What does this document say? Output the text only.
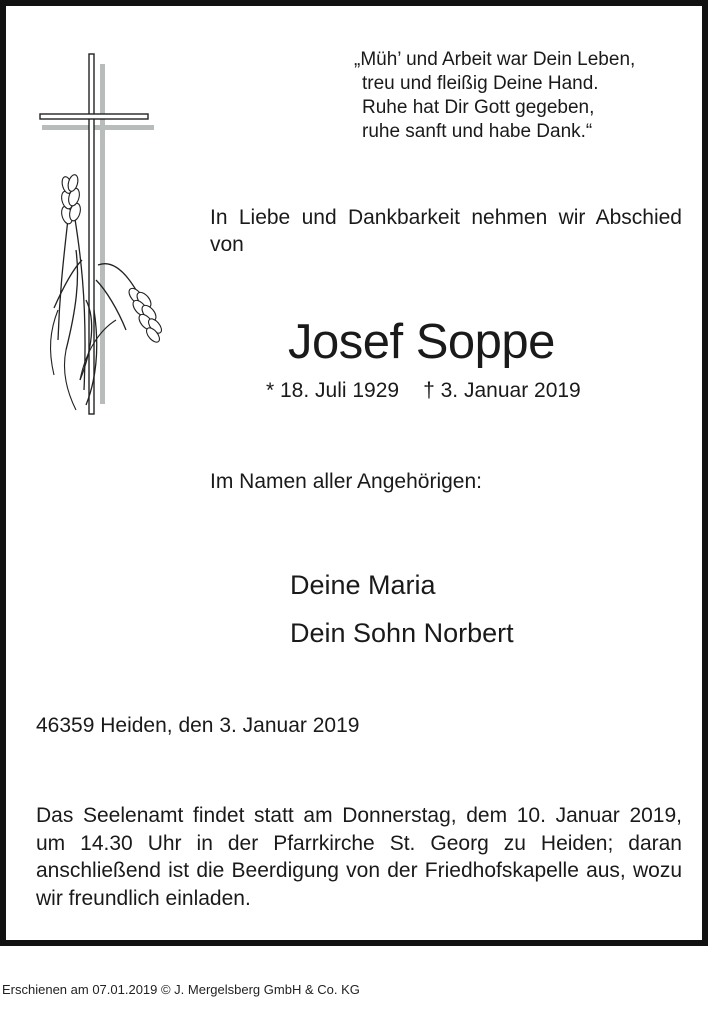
„Müh’ und Arbeit war Dein Leben,
treu und fleißig Deine Hand.
Ruhe hat Dir Gott gegeben,
ruhe sanft und habe Dank.“
In Liebe und Dankbarkeit nehmen wir Abschied von
Josef Soppe
* 18. Juli 1929 † 3. Januar 2019
Im Namen aller Angehörigen:
Deine Maria
Dein Sohn Norbert
46359 Heiden, den 3. Januar 2019
Das Seelenamt findet statt am Donnerstag, dem 10. Januar 2019, um 14.30 Uhr in der Pfarrkirche St. Georg zu Heiden; daran anschließend ist die Beerdigung von der Friedhofskapelle aus, wozu wir freundlich einladen.
Erschienen am 07.01.2019 © J. Mergelsberg GmbH & Co. KG
